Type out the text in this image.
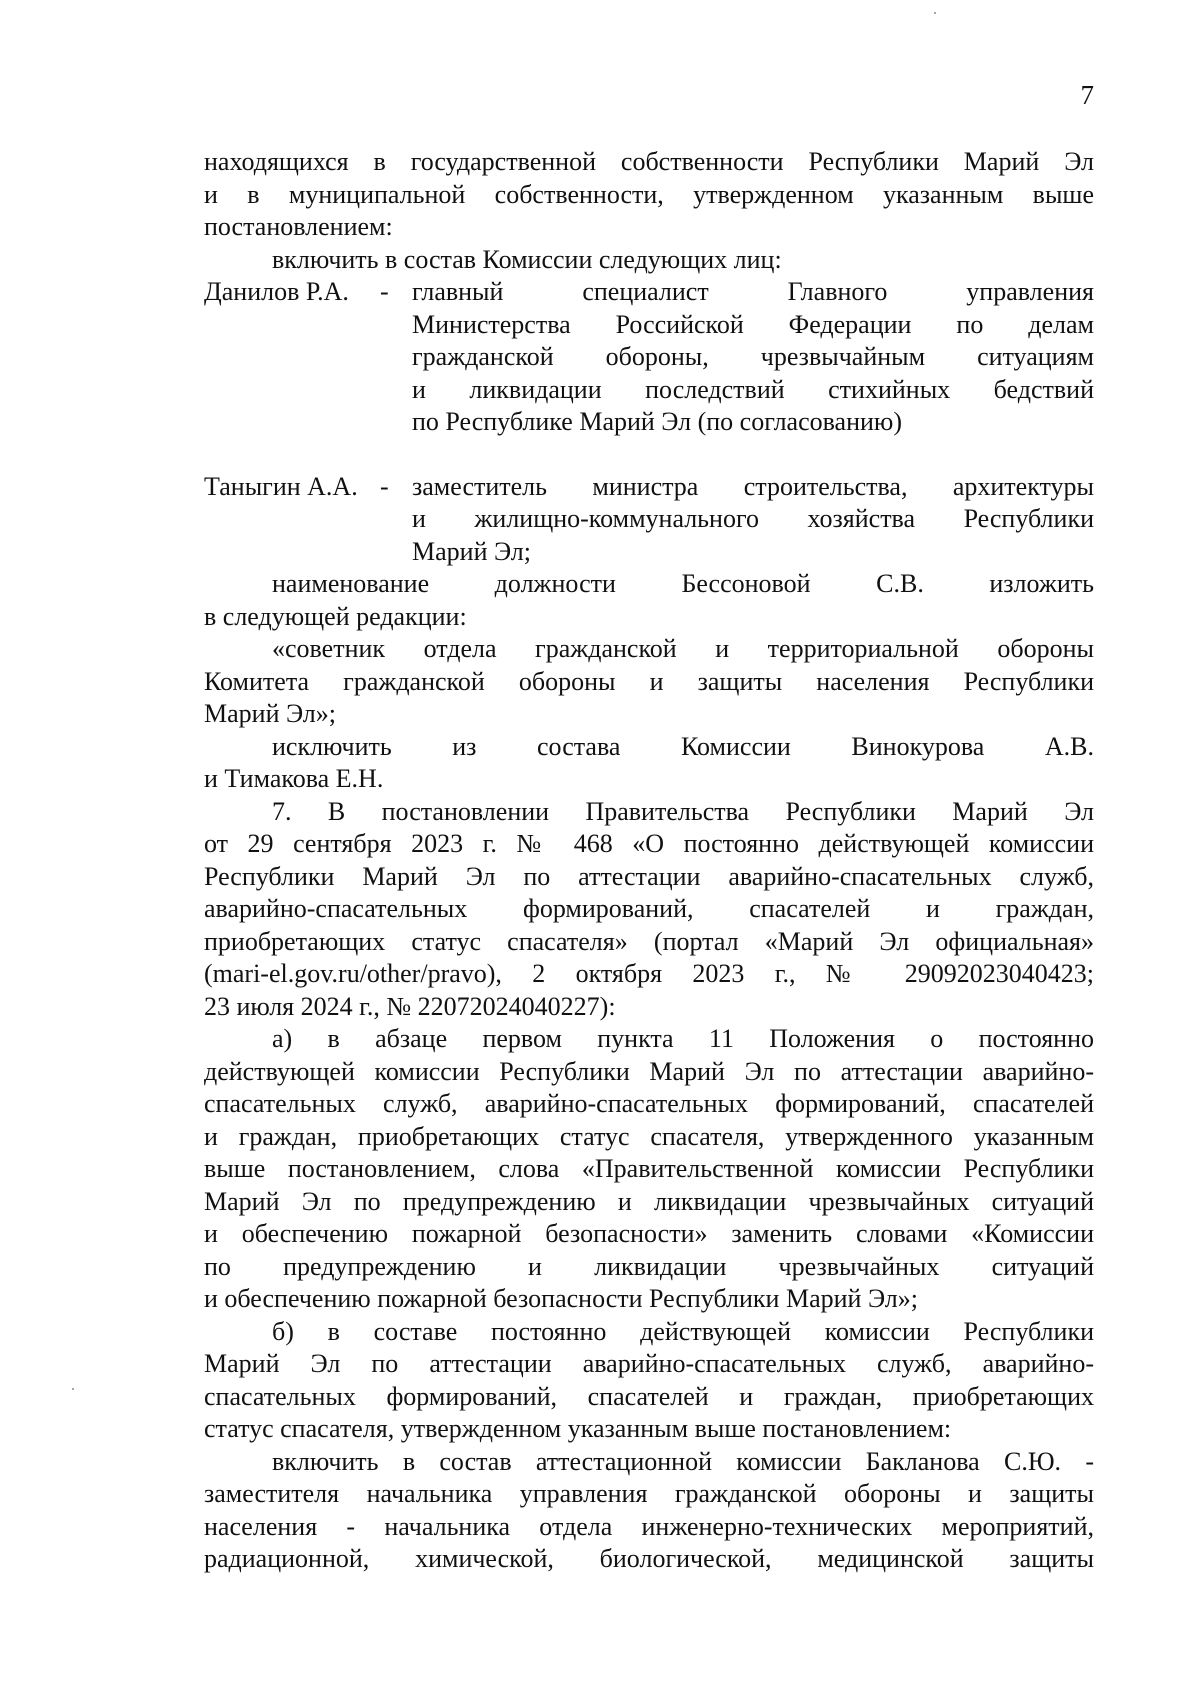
7
находящихся в государственной собственности Республики Марий Эл
и в муниципальной собственности, утвержденном указанным выше
постановлением:
включить в состав Комиссии следующих лиц:
Данилов Р.А.	- главный специалист Главного управления
Министерства Российской Федерации по делам
гражданской обороны, чрезвычайным ситуациям
и ликвидации последствий стихийных бедствий
по Республике Марий Эл (по согласованию)
Таныгин А.А. - заместитель министра строительства, архитектуры
и жилищно-коммунального хозяйства Республики
Марий Эл;
наименование должности Бессоновой С.В. изложить
в следующей редакции:
«советник отдела гражданской и территориальной обороны
Комитета гражданской обороны и защиты населения Республики
Марий Эл»;
исключить из состава Комиссии Винокурова А.В.
и Тимакова Е.Н.
7. В постановлении Правительства Республики Марий Эл
от 29 сентября 2023 г. № 468 «О постоянно действующей комиссии
Республики Марий Эл по аттестации аварийно-спасательных служб,
аварийно-спасательных формирований, спасателей и граждан,
приобретающих статус спасателя» (портал «Марий Эл официальная»
(mari-el.gov.ru/other/pravo), 2 октября 2023 г., № 29092023040423;
23 июля 2024 г., № 22072024040227):
а) в абзаце первом пункта 11 Положения о постоянно
действующей комиссии Республики Марий Эл по аттестации аварийно-
спасательных служб, аварийно-спасательных формирований, спасателей
и граждан, приобретающих статус спасателя, утвержденного указанным
выше постановлением, слова «Правительственной комиссии Республики
Марий Эл по предупреждению и ликвидации чрезвычайных ситуаций
и обеспечению пожарной безопасности» заменить словами «Комиссии
по предупреждению и ликвидации чрезвычайных ситуаций
и обеспечению пожарной безопасности Республики Марий Эл»;
б) в составе постоянно действующей комиссии Республики
Марий Эл по аттестации аварийно-спасательных служб, аварийно-
спасательных формирований, спасателей и граждан, приобретающих
статус спасателя, утвержденном указанным выше постановлением:
включить в состав аттестационной комиссии Бакланова С.Ю. -
заместителя начальника управления гражданской обороны и защиты
населения - начальника отдела инженерно-технических мероприятий,
радиационной, химической, биологической, медицинской защиты
